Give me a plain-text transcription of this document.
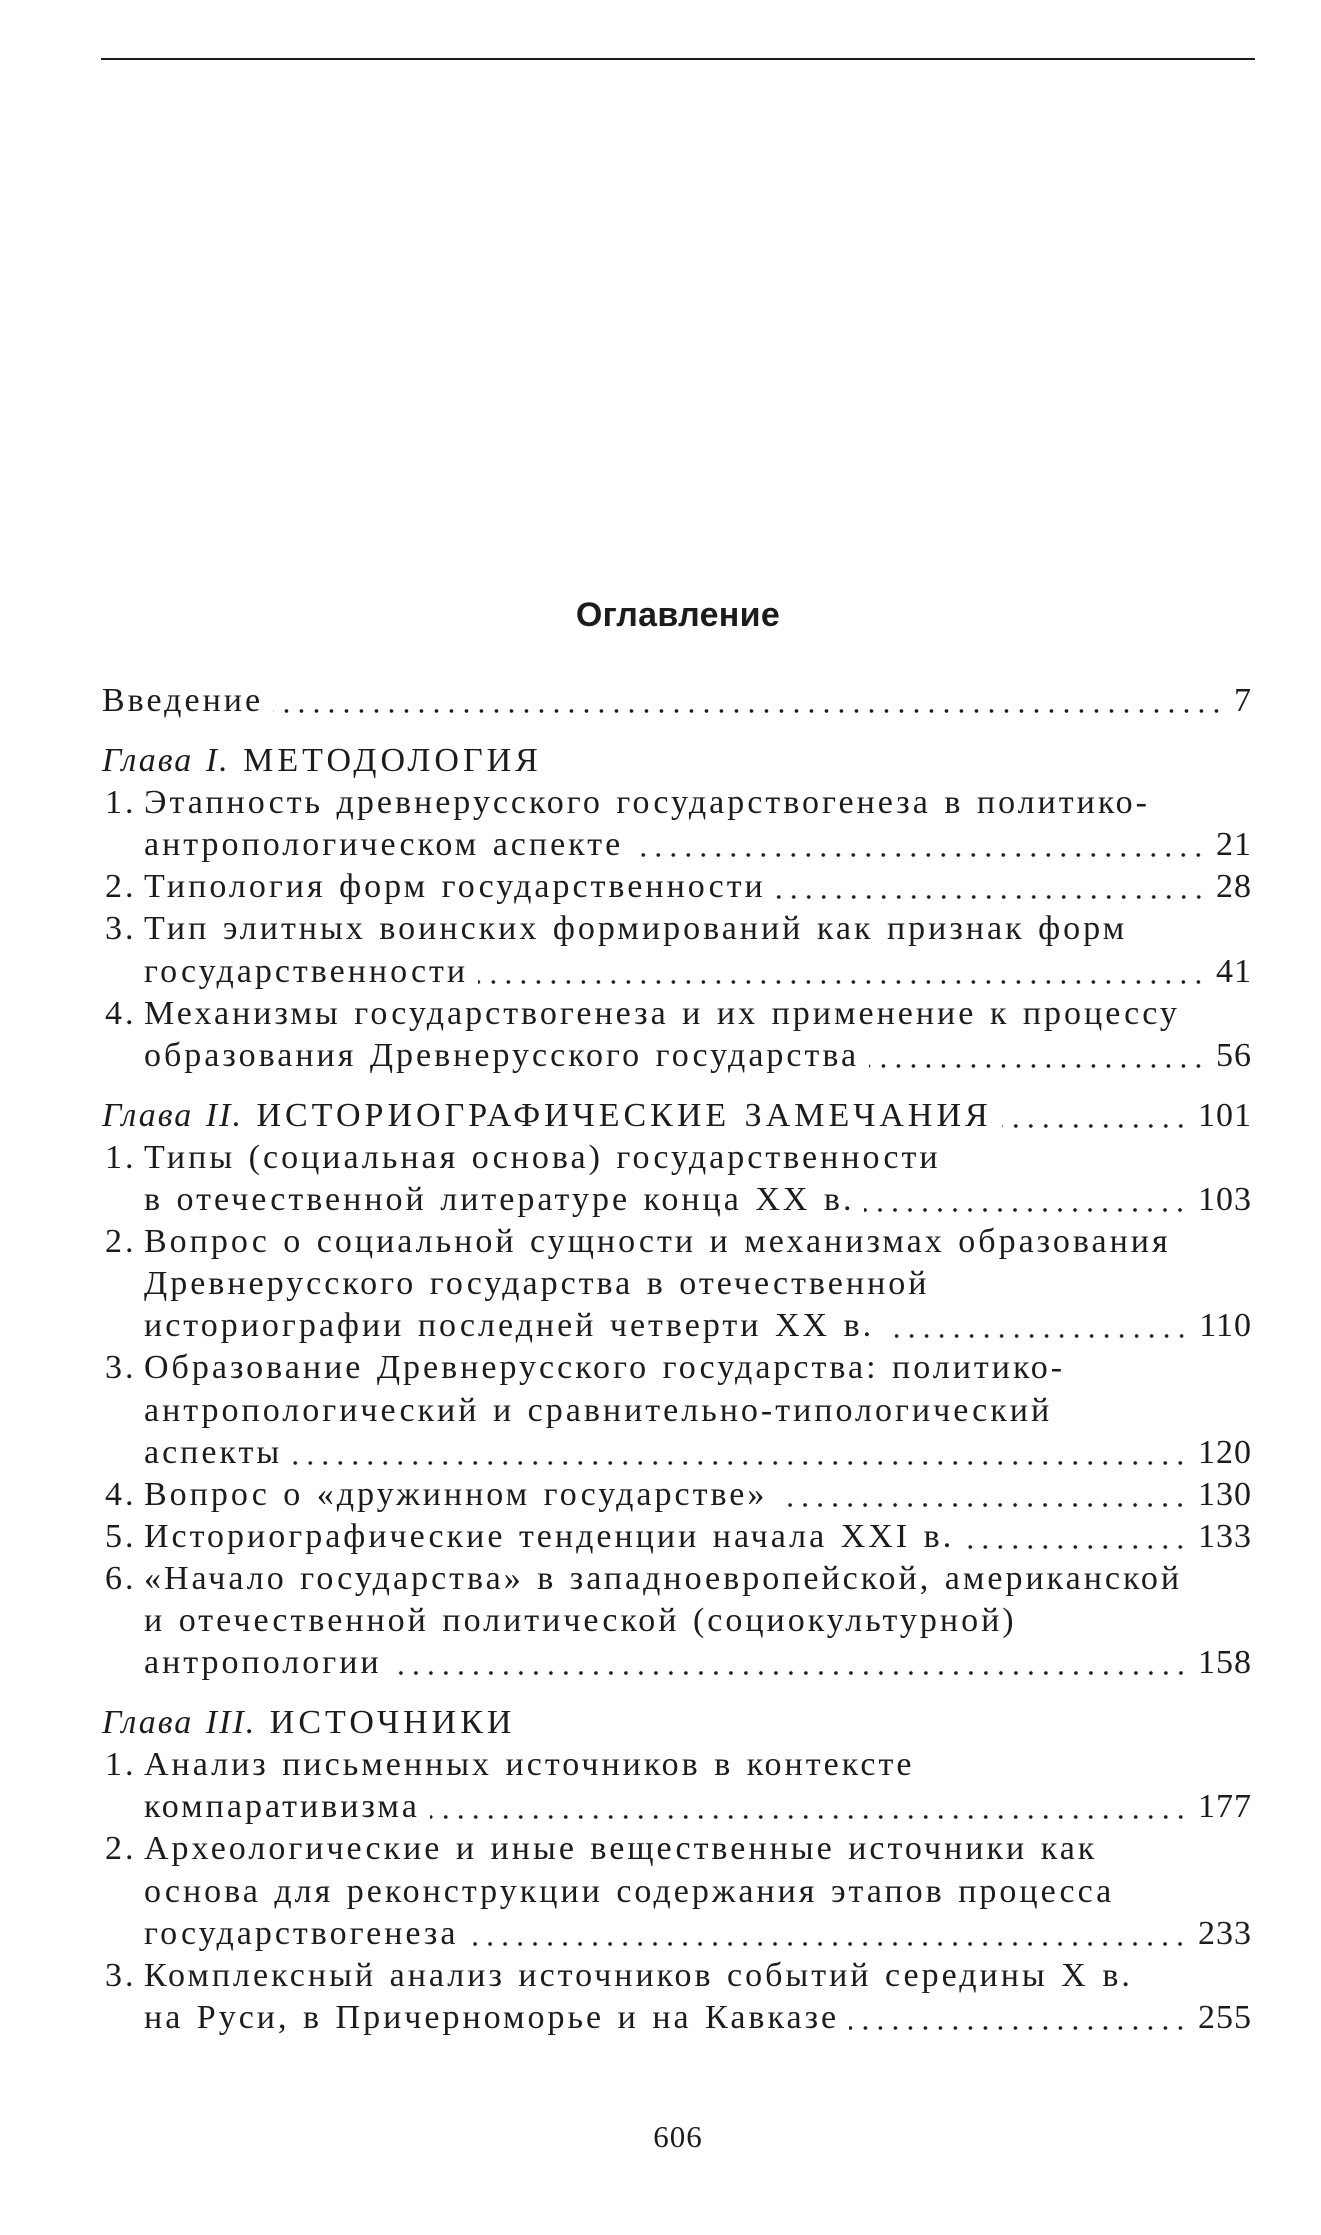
Оглавление
Введение	7
Глава I. МЕТОДОЛОГИЯ
1. Этапность древнерусского государствогенеза в политико-
антропологическом аспекте	21
2. Типология форм государственности	28
3. Тип элитных воинских формирований как признак форм
государственности	41
4. Механизмы государствогенеза и их применение к процессу
образования Древнерусского государства	56
Глава II. ИСТОРИОГРАФИЧЕСКИЕ ЗАМЕЧАНИЯ	101
1. Типы (социальная основа) государственности
в отечественной литературе конца XX в.	103
2. Вопрос о социальной сущности и механизмах образования
Древнерусского государства в отечественной
историографии последней четверти XX в.	110
3. Образование Древнерусского государства: политико-
антропологический и сравнительно-типологический
аспекты	120
4. Вопрос о «дружинном государстве»	130
5. Историографические тенденции начала XXI в.	133
6. «Начало государства» в западноевропейской, американской
и отечественной политической (социокультурной)
антропологии	158
Глава III. ИСТОЧНИКИ
1. Анализ письменных источников в контексте
компаративизма	177
2. Археологические и иные вещественные источники как
основа для реконструкции содержания этапов процесса
государствогенеза	233
3. Комплексный анализ источников событий середины X в.
на Руси, в Причерноморье и на Кавказе	255
606
